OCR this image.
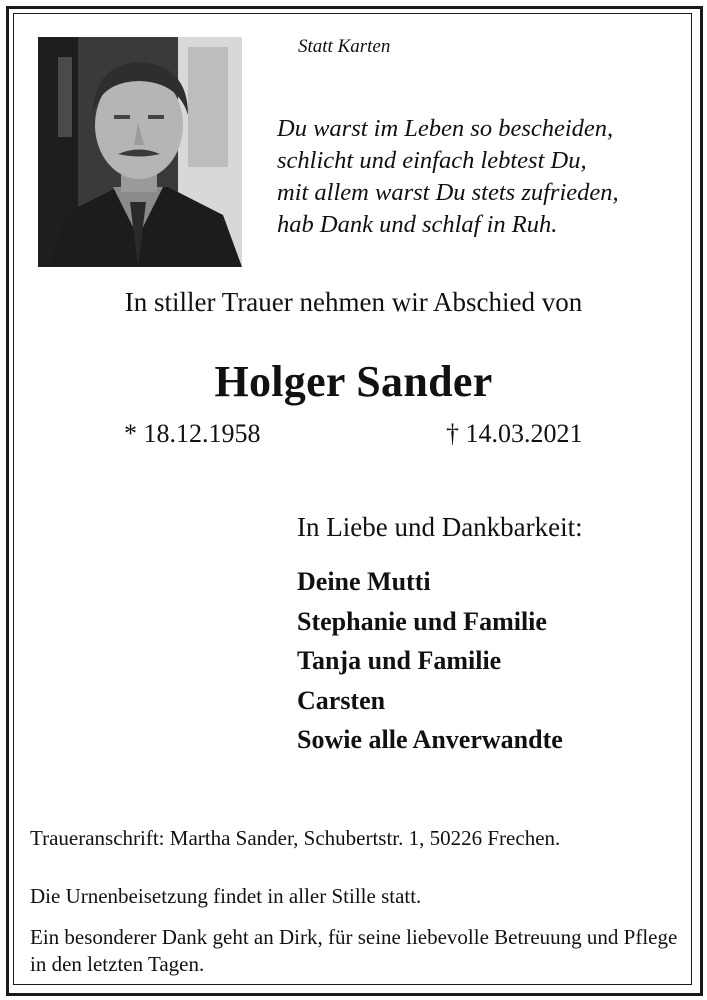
Statt Karten
Du warst im Leben so bescheiden,
schlicht und einfach lebtest Du,
mit allem warst Du stets zufrieden,
hab Dank und schlaf in Ruh.
In stiller Trauer nehmen wir Abschied von
Holger Sander
* 18.12.1958	† 14.03.2021
In Liebe und Dankbarkeit:
Deine Mutti
Stephanie und Familie
Tanja und Familie
Carsten
Sowie alle Anverwandte
Traueranschrift: Martha Sander, Schubertstr. 1, 50226 Frechen.
Die Urnenbeisetzung findet in aller Stille statt.
Ein besonderer Dank geht an Dirk, für seine liebevolle Betreuung und Pflege in den letzten Tagen.
